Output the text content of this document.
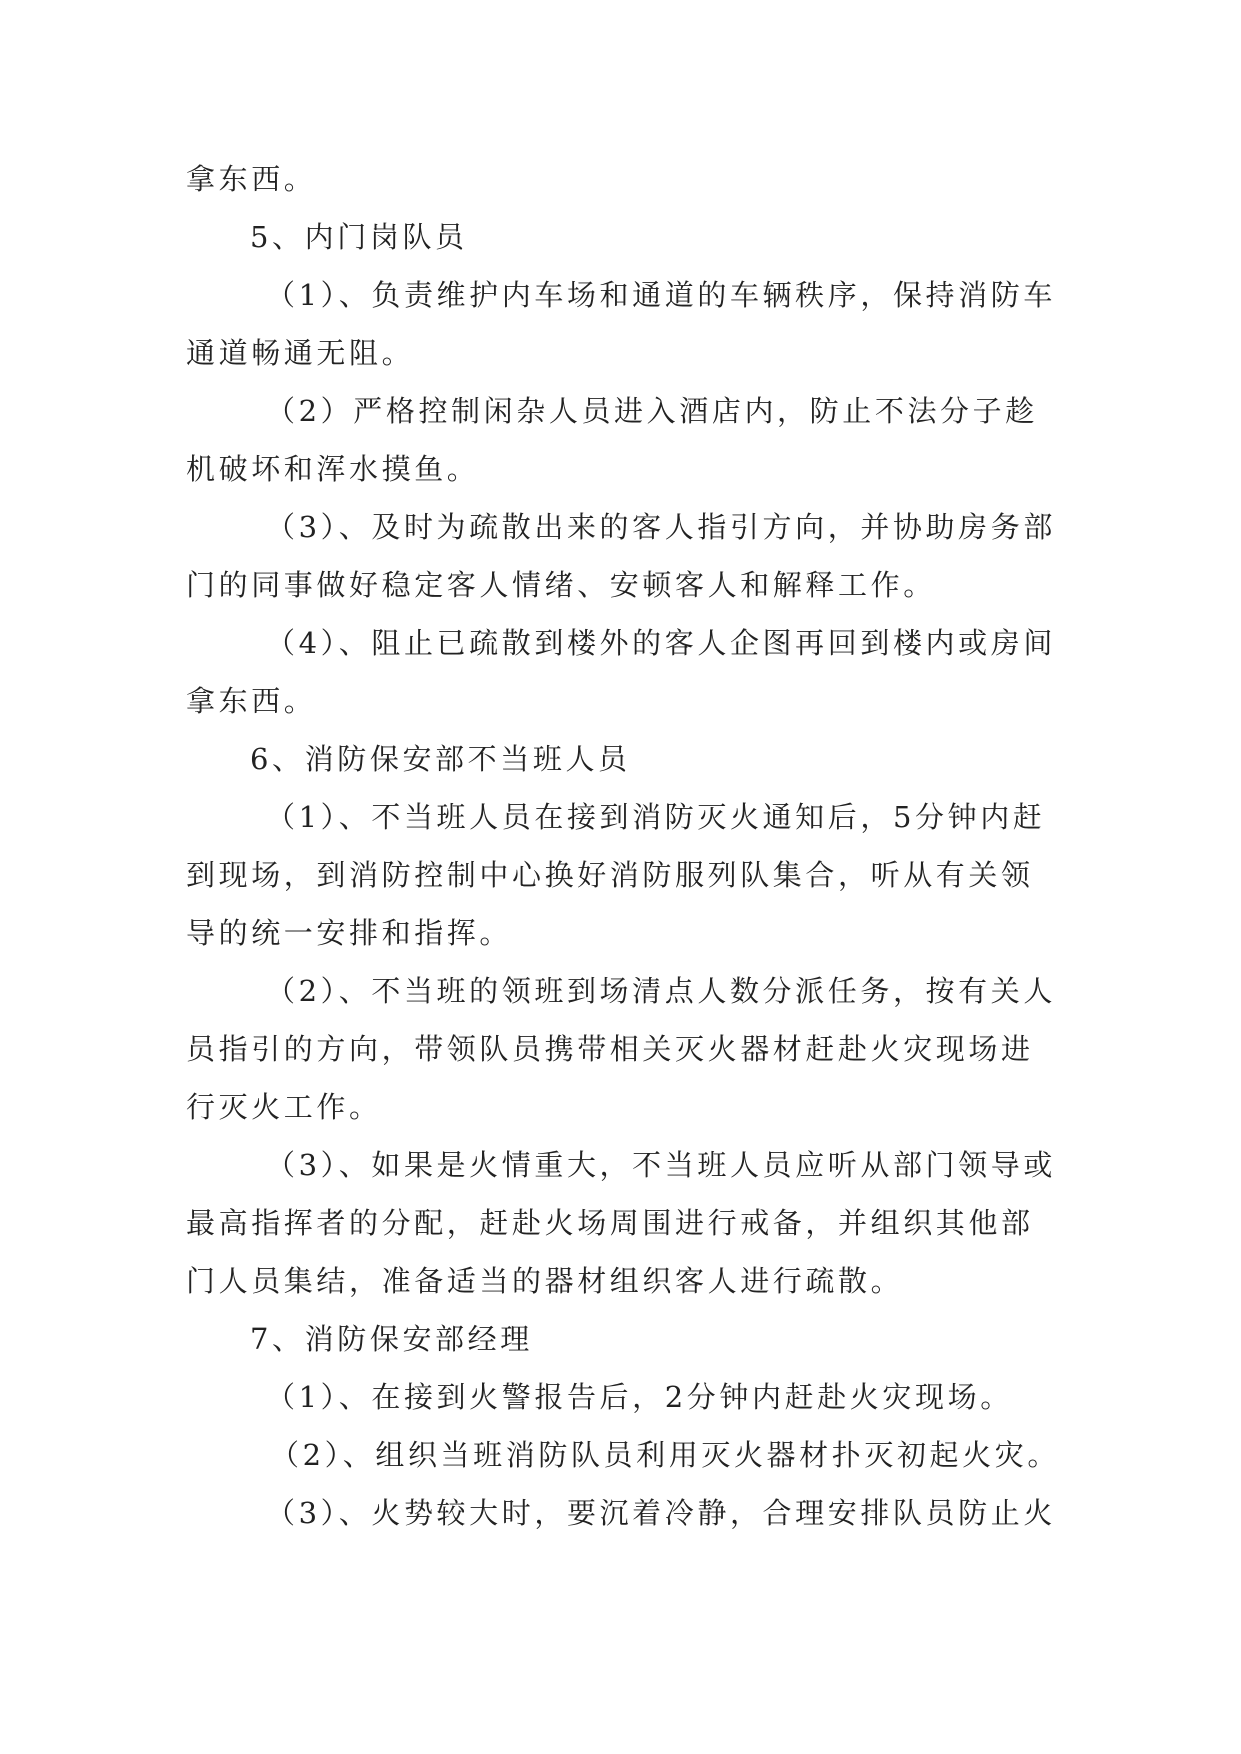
拿东西。
5、内门岗队员
（1）、负责维护内车场和通道的车辆秩序，保持消防车
通道畅通无阻。
（2）严格控制闲杂人员进入酒店内，防止不法分子趁
机破坏和浑水摸鱼。
（3）、及时为疏散出来的客人指引方向，并协助房务部
门的同事做好稳定客人情绪、安顿客人和解释工作。
（4）、阻止已疏散到楼外的客人企图再回到楼内或房间
拿东西。
6、消防保安部不当班人员
（1）、不当班人员在接到消防灭火通知后，5分钟内赶
到现场，到消防控制中心换好消防服列队集合，听从有关领
导的统一安排和指挥。
（2）、不当班的领班到场清点人数分派任务，按有关人
员指引的方向，带领队员携带相关灭火器材赶赴火灾现场进
行灭火工作。
（3）、如果是火情重大，不当班人员应听从部门领导或
最高指挥者的分配，赶赴火场周围进行戒备，并组织其他部
门人员集结，准备适当的器材组织客人进行疏散。
7、消防保安部经理
（1）、在接到火警报告后，2分钟内赶赴火灾现场。
（2）、组织当班消防队员利用灭火器材扑灭初起火灾。
（3）、火势较大时，要沉着冷静，合理安排队员防止火
